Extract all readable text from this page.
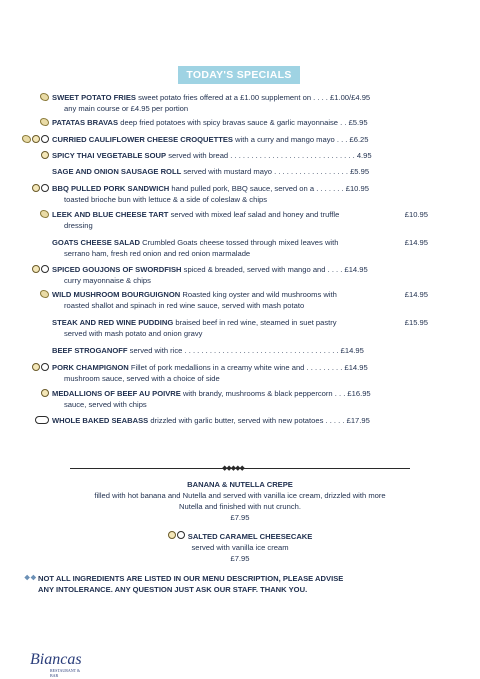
TODAY'S SPECIALS
SWEET POTATO FRIES sweet potato fries offered at a £1.00 supplement on . . . . £1.00/£4.95
any main course or £4.95 per portion
PATATAS BRAVAS deep fried potatoes with spicy bravas sauce & garlic mayonnaise . . £5.95
CURRIED CAULIFLOWER CHEESE CROQUETTES with a curry and mango mayo . . . £6.25
SPICY THAI VEGETABLE SOUP served with bread . . . . . . . . . . . . . . . . . . . . . . . . . . . . . . 4.95
SAGE AND ONION SAUSAGE ROLL served with mustard mayo . . . . . . . . . . . . . . . . . . £5.95
BBQ PULLED PORK SANDWICH hand pulled pork, BBQ sauce, served on a . . . . . . . £10.95
toasted brioche bun with lettuce & a side of coleslaw & chips
LEEK AND BLUE CHEESE TART served with mixed leaf salad and honey and truffle	£10.95
dressing
GOATS CHEESE SALAD Crumbled Goats cheese tossed through mixed leaves with	£14.95
serrano ham, fresh red onion and red onion marmalade
SPICED GOUJONS OF SWORDFISH spiced & breaded, served with mango and . . . . £14.95
curry mayonnaise & chips
WILD MUSHROOM BOURGUIGNON Roasted king oyster and wild mushrooms with	£14.95
roasted shallot and spinach in red wine sauce, served with mash potato
STEAK AND RED WINE PUDDING braised beef in red wine, steamed in suet pastry	£15.95
served with mash potato and onion gravy
BEEF STROGANOFF served with rice . . . . . . . . . . . . . . . . . . . . . . . . . . . . . . . . . . . . . £14.95
PORK CHAMPIGNON Fillet of pork medallions in a creamy white wine and . . . . . . . . . £14.95
mushroom sauce, served with a choice of side
MEDALLIONS OF BEEF AU POIVRE with brandy, mushrooms & black peppercorn . . . £16.95
sauce, served with chips
WHOLE BAKED SEABASS drizzled with garlic butter, served with new potatoes . . . . . £17.95
BANANA & NUTELLA CREPE
filled with hot banana and Nutella and served with vanilla ice cream, drizzled with more
Nutella and finished with nut crunch.
£7.95
SALTED CARAMEL CHEESECAKE
served with vanilla ice cream
£7.95
❖❖ NOT ALL INGREDIENTS ARE LISTED IN OUR MENU DESCRIPTION, PLEASE ADVISE
ANY INTOLERANCE. ANY QUESTION JUST ASK OUR STAFF. THANK YOU.
Biancas
RESTAURANT & BAR
